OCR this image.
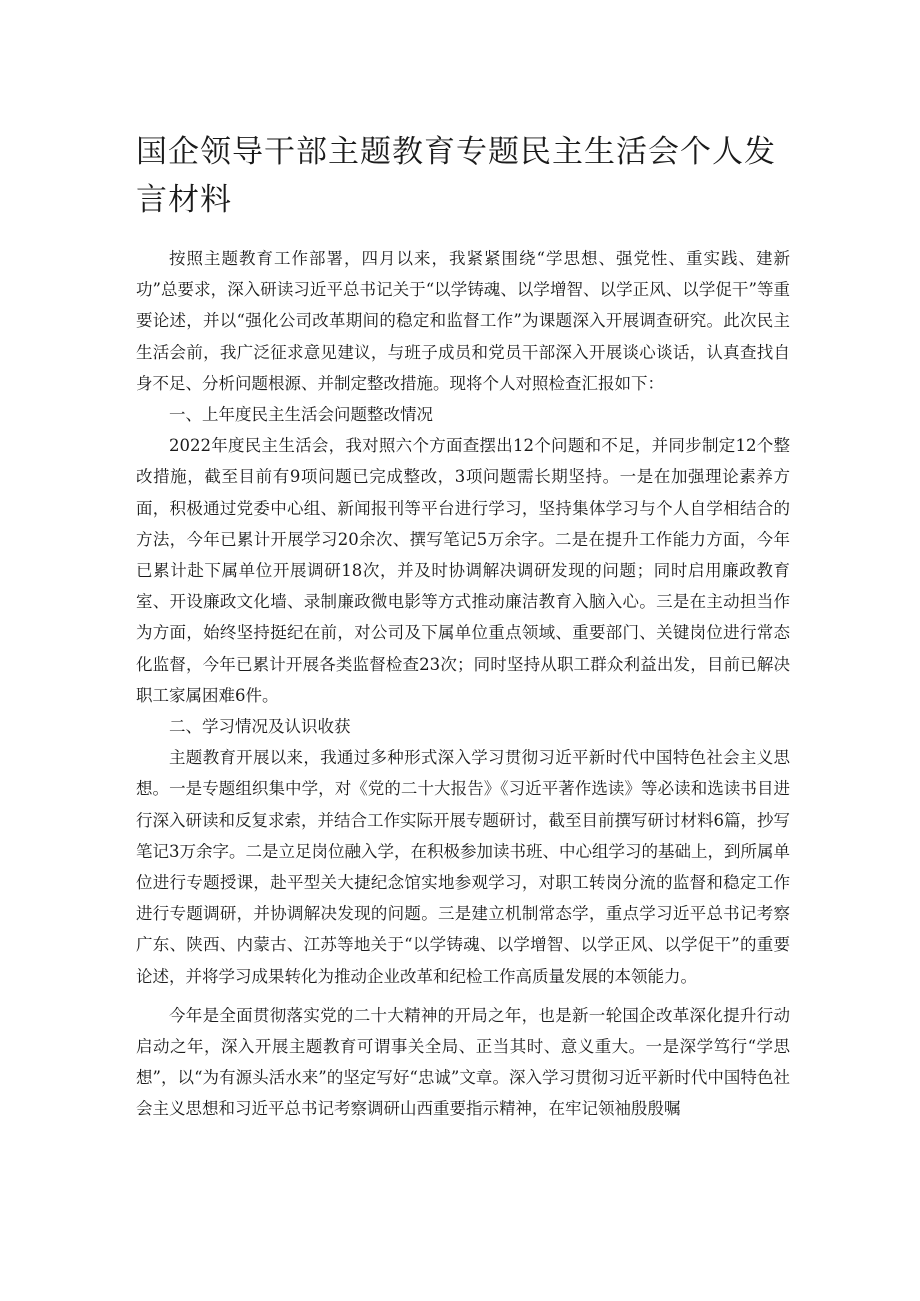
国企领导干部主题教育专题民主生活会个人发言材料

按照主题教育工作部署，四月以来，我紧紧围绕“学思想、强党性、重实践、建新功”总要求，深入研读习近平总书记关于“以学铸魂、以学增智、以学正风、以学促干”等重要论述，并以“强化公司改革期间的稳定和监督工作”为课题深入开展调查研究。此次民主生活会前，我广泛征求意见建议，与班子成员和党员干部深入开展谈心谈话，认真查找自身不足、分析问题根源、并制定整改措施。现将个人对照检查汇报如下：

一、上年度民主生活会问题整改情况

2022年度民主生活会，我对照六个方面查摆出12个问题和不足，并同步制定12个整改措施，截至目前有9项问题已完成整改，3项问题需长期坚持。一是在加强理论素养方面，积极通过党委中心组、新闻报刊等平台进行学习，坚持集体学习与个人自学相结合的方法，今年已累计开展学习20余次、撰写笔记5万余字。二是在提升工作能力方面，今年已累计赴下属单位开展调研18次，并及时协调解决调研发现的问题；同时启用廉政教育室、开设廉政文化墙、录制廉政微电影等方式推动廉洁教育入脑入心。三是在主动担当作为方面，始终坚持挺纪在前，对公司及下属单位重点领域、重要部门、关键岗位进行常态化监督，今年已累计开展各类监督检查23次；同时坚持从职工群众利益出发，目前已解决职工家属困难6件。

二、学习情况及认识收获

主题教育开展以来，我通过多种形式深入学习贯彻习近平新时代中国特色社会主义思想。一是专题组织集中学，对《党的二十大报告》《习近平著作选读》等必读和选读书目进行深入研读和反复求索，并结合工作实际开展专题研讨，截至目前撰写研讨材料6篇，抄写笔记3万余字。二是立足岗位融入学，在积极参加读书班、中心组学习的基础上，到所属单位进行专题授课，赴平型关大捷纪念馆实地参观学习，对职工转岗分流的监督和稳定工作进行专题调研，并协调解决发现的问题。三是建立机制常态学，重点学习近平总书记考察广东、陕西、内蒙古、江苏等地关于“以学铸魂、以学增智、以学正风、以学促干”的重要论述，并将学习成果转化为推动企业改革和纪检工作高质量发展的本领能力。

今年是全面贯彻落实党的二十大精神的开局之年，也是新一轮国企改革深化提升行动启动之年，深入开展主题教育可谓事关全局、正当其时、意义重大。一是深学笃行“学思想”，以“为有源头活水来”的坚定写好“忠诚”文章。深入学习贯彻习近平新时代中国特色社会主义思想和习近平总书记考察调研山西重要指示精神，在牢记领袖殷殷嘱
